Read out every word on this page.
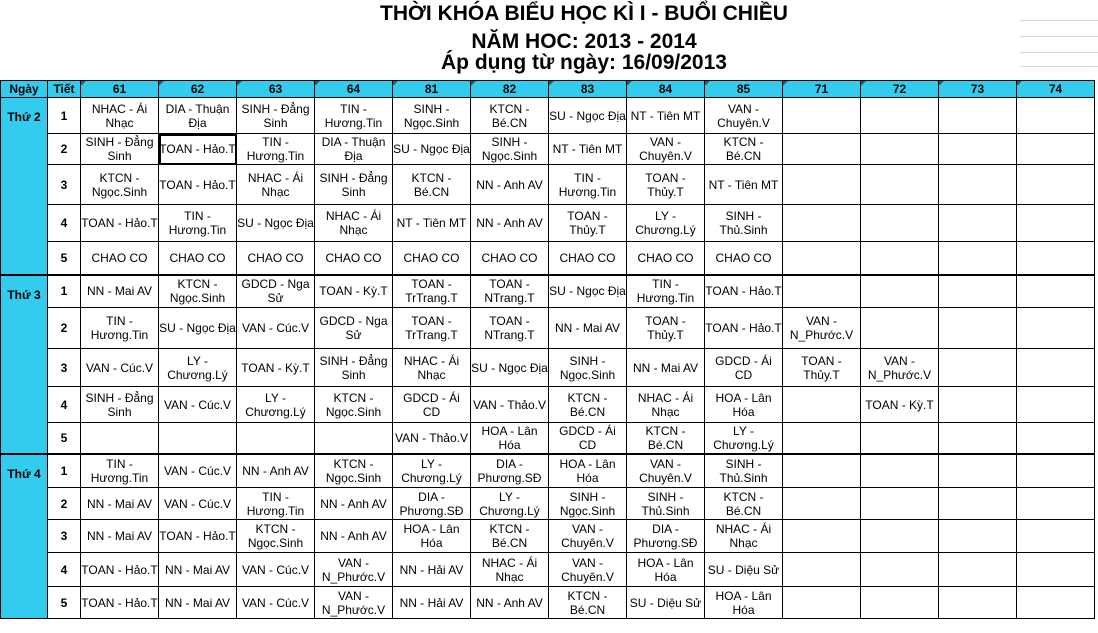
THỜI KHÓA BIỂU HỌC KÌ I - BUỔI CHIỀU
NĂM HOC: 2013 - 2014
Áp dụng từ ngày: 16/09/2013
Ngày	Tiết	61	62	63	64	81	82	83	84	85	71	72	73	74
Thứ 2	1	NHAC - Ái Nhạc	DIA - Thuận Địa	SINH - Đẳng Sinh	TIN - Hương.Tin	SINH - Ngọc.Sinh	KTCN - Bé.CN	SU - Ngọc Địa	NT - Tiên MT	VAN - Chuyên.V				
	2	SINH - Đẳng Sinh	TOAN - Hảo.T	TIN - Hương.Tin	DIA - Thuận Địa	SU - Ngọc Địa	SINH - Ngọc.Sinh	NT - Tiên MT	VAN - Chuyên.V	KTCN - Bé.CN				
	3	KTCN - Ngọc.Sinh	TOAN - Hảo.T	NHAC - Ái Nhạc	SINH - Đẳng Sinh	KTCN - Bé.CN	NN - Anh AV	TIN - Hương.Tin	TOAN - Thủy.T	NT - Tiên MT				
	4	TOAN - Hảo.T	TIN - Hương.Tin	SU - Ngọc Địa	NHAC - Ái Nhạc	NT - Tiên MT	NN - Anh AV	TOAN - Thủy.T	LY - Chương.Lý	SINH - Thủ.Sinh				
	5	CHAO CO	CHAO CO	CHAO CO	CHAO CO	CHAO CO	CHAO CO	CHAO CO	CHAO CO	CHAO CO				
Thứ 3	1	NN - Mai AV	KTCN - Ngọc.Sinh	GDCD - Nga Sử	TOAN - Kỳ.T	TOAN - TrTrang.T	TOAN - NTrang.T	SU - Ngọc Địa	TIN - Hương.Tin	TOAN - Hảo.T				
	2	TIN - Hương.Tin	SU - Ngọc Địa	VAN - Cúc.V	GDCD - Nga Sử	TOAN - TrTrang.T	TOAN - NTrang.T	NN - Mai AV	TOAN - Thủy.T	TOAN - Hảo.T	VAN - N_Phước.V			
	3	VAN - Cúc.V	LY - Chương.Lý	TOAN - Kỳ.T	SINH - Đẳng Sinh	NHAC - Ái Nhạc	SU - Ngọc Địa	SINH - Ngọc.Sinh	NN - Mai AV	GDCD - Ái CD	TOAN - Thủy.T	VAN - N_Phước.V		
	4	SINH - Đẳng Sinh	VAN - Cúc.V	LY - Chương.Lý	KTCN - Ngọc.Sinh	GDCD - Ái CD	VAN - Thảo.V	KTCN - Bé.CN	NHAC - Ái Nhạc	HOA - Lân Hóa		TOAN - Kỳ.T		
	5					VAN - Thảo.V	HOA - Lân Hóa	GDCD - Ái CD	KTCN - Bé.CN	LY - Chương.Lý				
Thứ 4	1	TIN - Hương.Tin	VAN - Cúc.V	NN - Anh AV	KTCN - Ngọc.Sinh	LY - Chương.Lý	DIA - Phương.SĐ	HOA - Lân Hóa	VAN - Chuyên.V	SINH - Thủ.Sinh				
	2	NN - Mai AV	VAN - Cúc.V	TIN - Hương.Tin	NN - Anh AV	DIA - Phương.SĐ	LY - Chương.Lý	SINH - Ngọc.Sinh	SINH - Thủ.Sinh	KTCN - Bé.CN				
	3	NN - Mai AV	TOAN - Hảo.T	KTCN - Ngọc.Sinh	NN - Anh AV	HOA - Lân Hóa	KTCN - Bé.CN	VAN - Chuyên.V	DIA - Phương.SĐ	NHAC - Ái Nhạc				
	4	TOAN - Hảo.T	NN - Mai AV	VAN - Cúc.V	VAN - N_Phước.V	NN - Hải AV	NHAC - Ái Nhạc	VAN - Chuyên.V	HOA - Lân Hóa	SU - Diệu Sử				
	5	TOAN - Hảo.T	NN - Mai AV	VAN - Cúc.V	VAN - N_Phước.V	NN - Hải AV	NN - Anh AV	KTCN - Bé.CN	SU - Diệu Sử	HOA - Lân Hóa				
